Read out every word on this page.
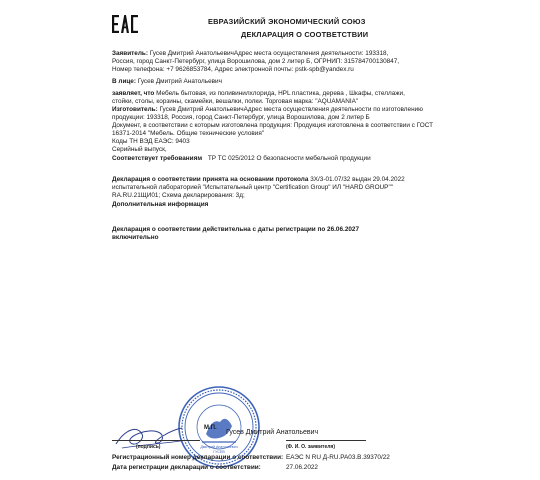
ЕВРАЗИЙСКИЙ ЭКОНОМИЧЕСКИЙ СОЮЗ
ДЕКЛАРАЦИЯ О СООТВЕТСТВИИ
Заявитель: Гусев Дмитрий АнатольевичАдрес места осуществления деятельности: 193318,
Россия, город Санкт-Петербург, улица Ворошилова, дом 2 литер Б, ОГРНИП: 315784700130847,
Номер телефона: +7 9626853784, Адрес электронной почты: pstk-spb@yandex.ru
В лице: Гусев Дмитрий Анатольевич
заявляет, что Мебель бытовая, из поливинилхлорида, HPL пластика, дерева , Шкафы, стеллажи,
стойки, столы, корзины, скамейки, вешалки, полки. Торговая марка: "AQUAMANIA"
Изготовитель: Гусев Дмитрий АнатольевичАдрес места осуществления деятельности по изготовлению
продукции: 193318, Россия, город Санкт-Петербург, улица Ворошилова, дом 2 литер Б
Документ, в соответствии с которым изготовлена продукция: Продукция изготовлена в соответствии с ГОСТ
16371-2014 "Мебель. Общие технические условия"
Коды ТН ВЭД ЕАЭС: 9403
Серийный выпуск,
Соответствует требованиям ТР ТС 025/2012 О безопасности мебельной продукции
Декларация о соответствии принята на основании протокола 3Х/3-01.07/32 выдан 29.04.2022
испытательной лабораторией "Испытательный центр "Certification Group" ИЛ "HARD GROUP""
RA.RU.21ЩИ01; Схема декларирования: 3д;
Дополнительная информация
Декларация о соответствии действительна с даты регистрации по 26.06.2027
включительно
Дмитрий Анатольевич
ГУСЕВ
М.П.
Гусев Дмитрий Анатольевич
(подпись)	(Ф. И. О. заявителя)
Регистрационный номер декларации о соответствии: ЕАЭС N RU Д-RU.PA03.B.39370/22
Дата регистрации декларации о соответствии:	27.06.2022
